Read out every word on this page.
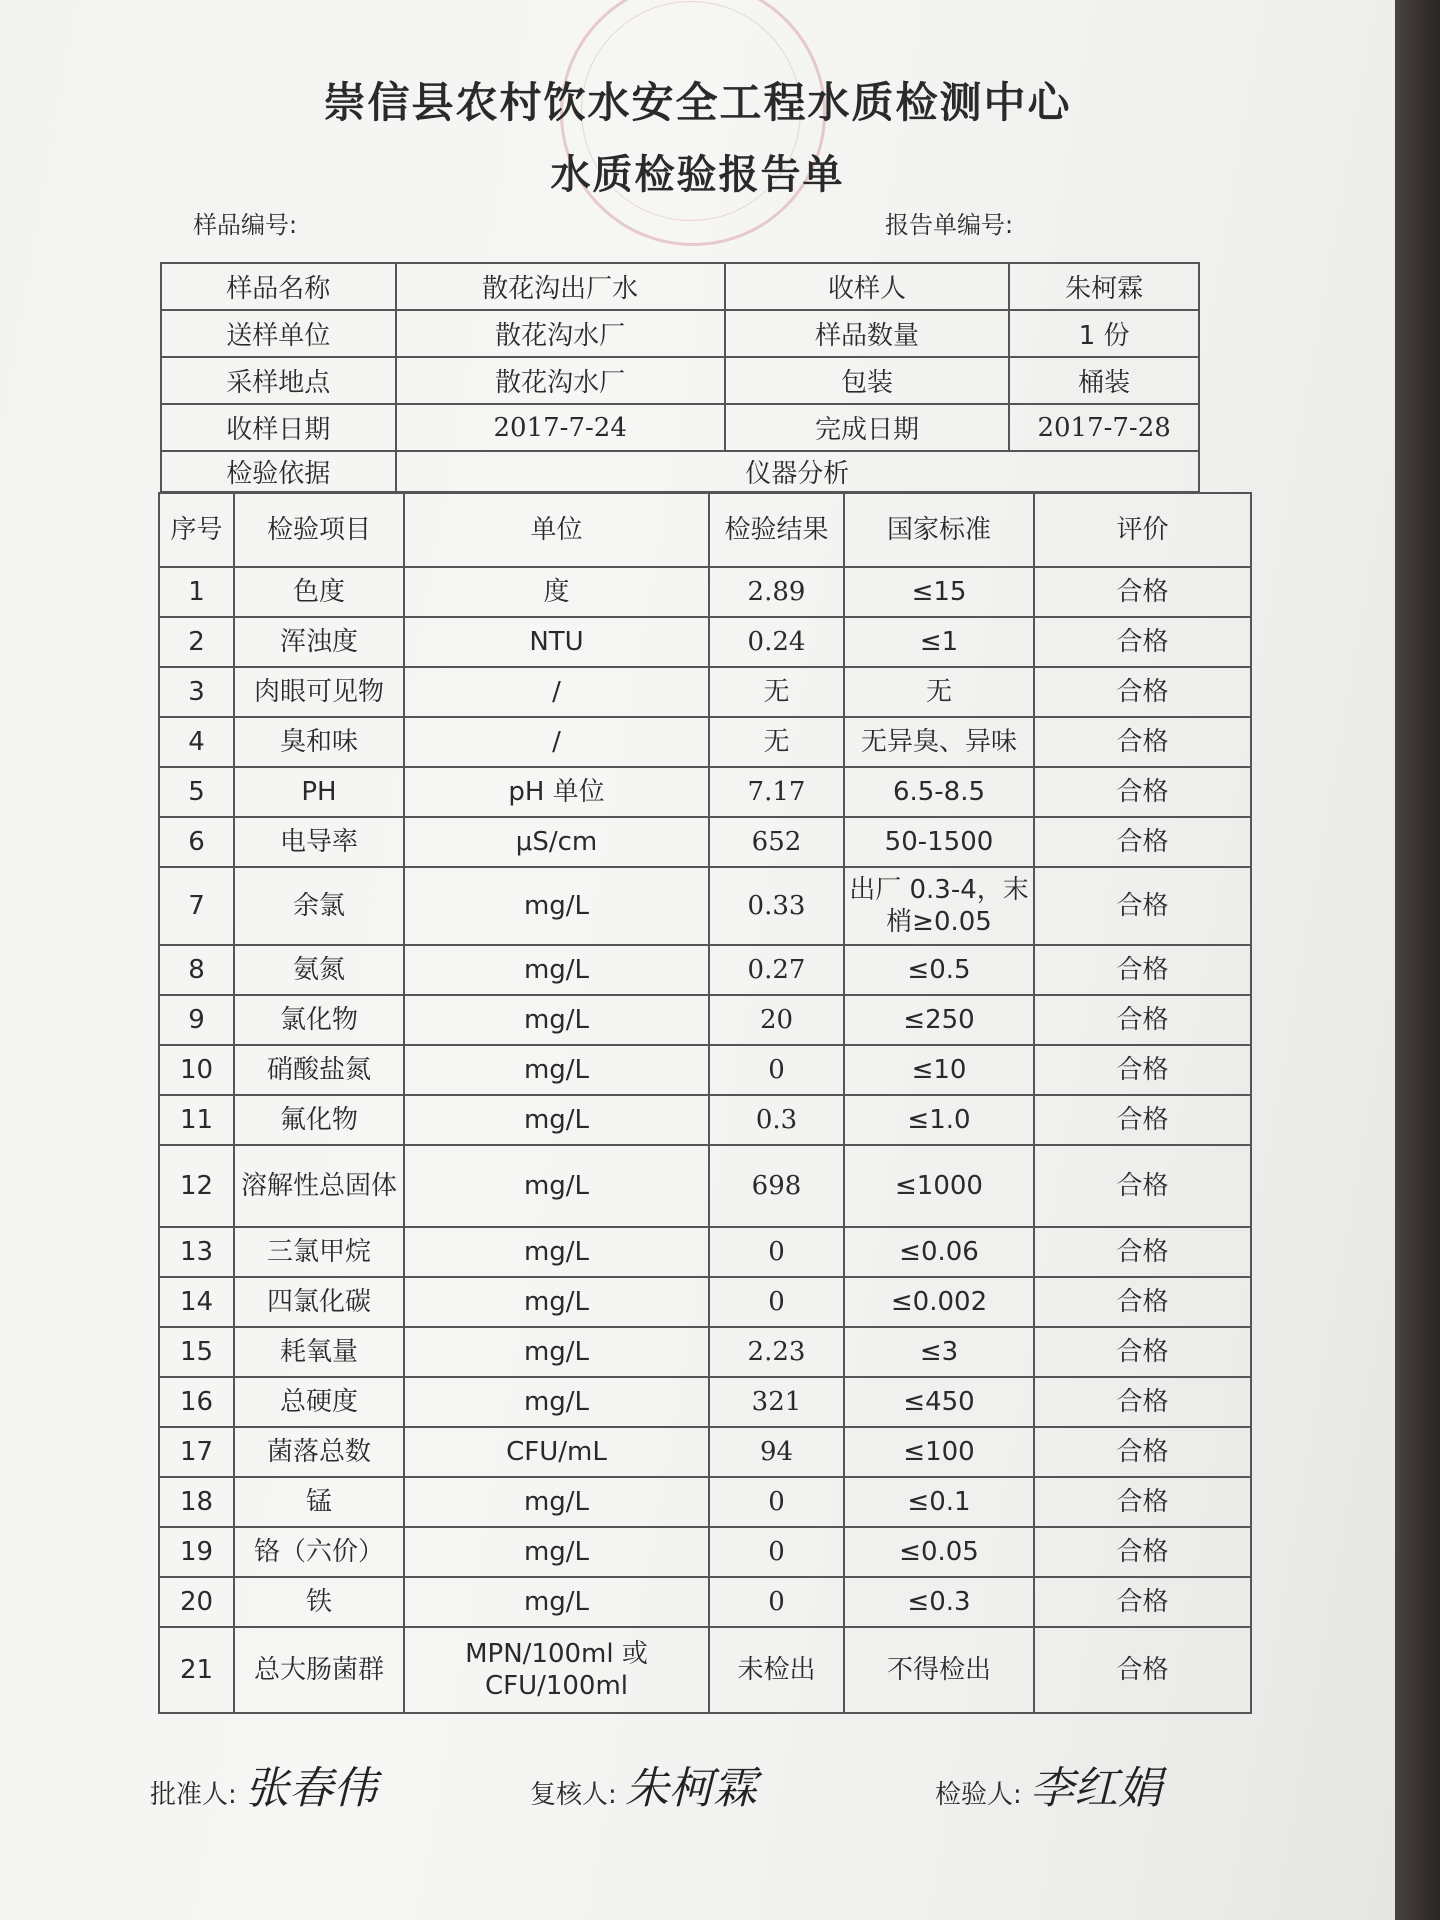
崇信县农村饮水安全工程水质检测中心
水质检验报告单
样品编号:	报告单编号:
样品名称	散花沟出厂水	收样人	朱柯霖
送样单位	散花沟水厂	样品数量	1 份
采样地点	散花沟水厂	包装	桶装
收样日期	2017-7-24	完成日期	2017-7-28
检验依据	仪器分析		
序号	检验项目	单位	检验结果	国家标准	评价
1	色度	度	2.89	≤15	合格
2	浑浊度	NTU	0.24	≤1	合格
3	肉眼可见物	/	无	无	合格
4	臭和味	/	无	无异臭、异味	合格
5	PH	pH 单位	7.17	6.5-8.5	合格
6	电导率	μS/cm	652	50-1500	合格
7	余氯	mg/L	0.33	出厂 0.3-4，末梢≥0.05	合格
8	氨氮	mg/L	0.27	≤0.5	合格
9	氯化物	mg/L	20	≤250	合格
10	硝酸盐氮	mg/L	0	≤10	合格
11	氟化物	mg/L	0.3	≤1.0	合格
12	溶解性总固体	mg/L	698	≤1000	合格
13	三氯甲烷	mg/L	0	≤0.06	合格
14	四氯化碳	mg/L	0	≤0.002	合格
15	耗氧量	mg/L	2.23	≤3	合格
16	总硬度	mg/L	321	≤450	合格
17	菌落总数	CFU/mL	94	≤100	合格
18	锰	mg/L	0	≤0.1	合格
19	铬（六价）	mg/L	0	≤0.05	合格
20	铁	mg/L	0	≤0.3	合格
21	总大肠菌群	MPN/100ml 或 CFU/100ml	未检出	不得检出	合格
批准人: 张春伟	复核人: 朱柯霖	检验人: 李红娟
